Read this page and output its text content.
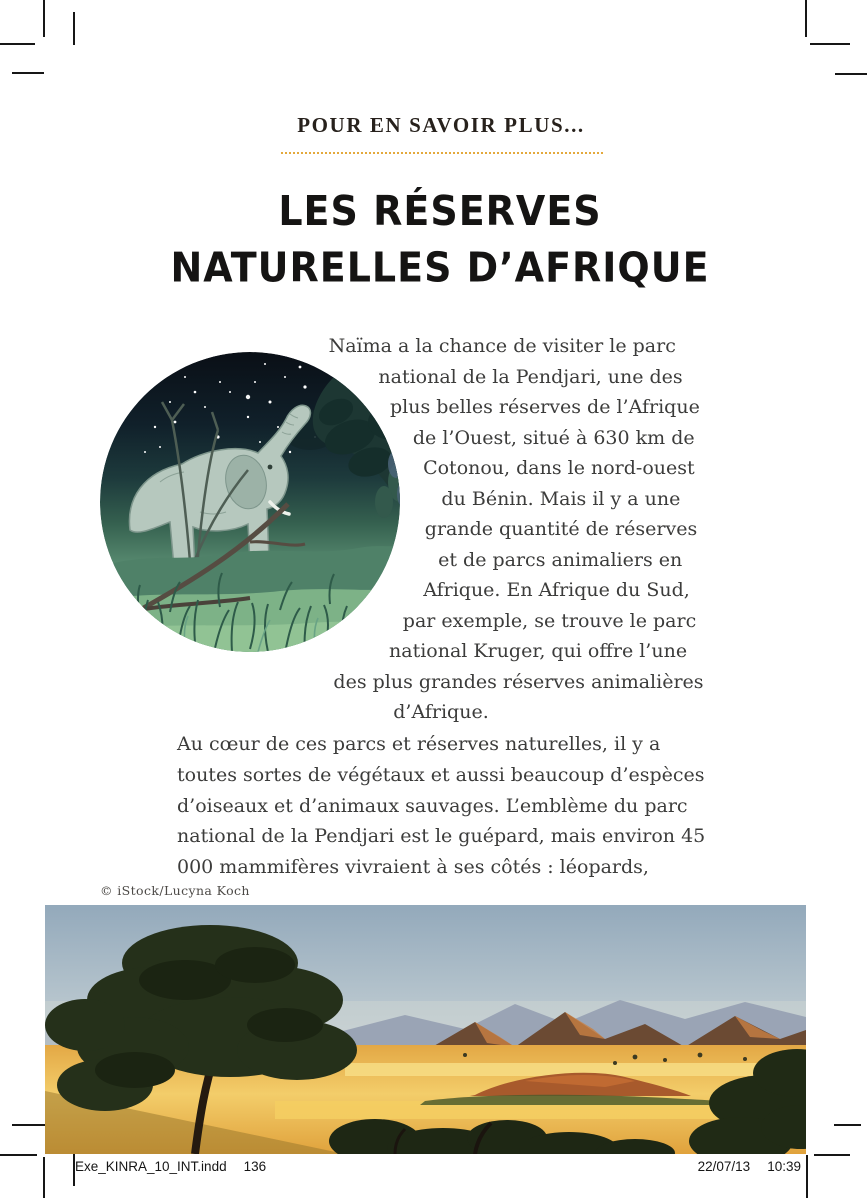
POUR EN SAVOIR PLUS...
LES RÉSERVES
NATURELLES D’AFRIQUE

Naïma a la chance de visiter le parc national de la Pendjari, une des plus belles réserves de l’Afrique de l’Ouest, situé à 630 km de Cotonou, dans le nord-ouest du Bénin. Mais il y a une grande quantité de réserves et de parcs animaliers en Afrique. En Afrique du Sud, par exemple, se trouve le parc national Kruger, qui offre l’une des plus grandes réserves animalières d’Afrique.

Au cœur de ces parcs et réserves naturelles, il y a toutes sortes de végétaux et aussi beaucoup d’espèces d’oiseaux et d’animaux sauvages. L’emblème du parc national de la Pendjari est le guépard, mais environ 45 000 mammifères vivraient à ses côtés : léopards,

© iStock/Lucyna Koch
Exe_KINRA_10_INT.indd 136	22/07/13 10:39
